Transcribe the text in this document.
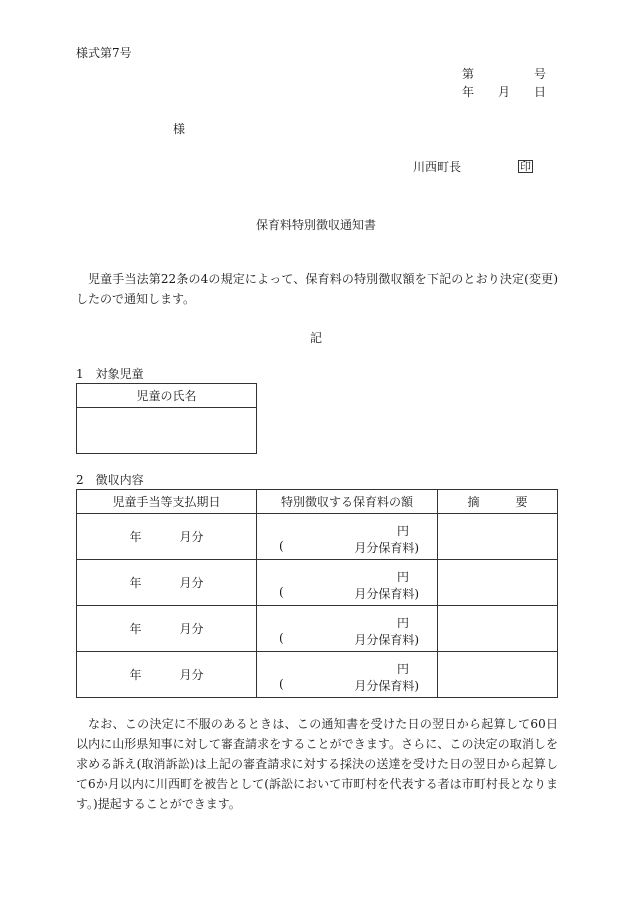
様式第7号
第	号
年 月 日
様
川西町長	印
保育料特別徴収通知書

児童手当法第22条の4の規定によって、保育料の特別徴収額を下記のとおり決定(変更)したので通知します。

記
1　対象児童
児童の氏名

2　徴収内容
児童手当等支払期日	特別徴収する保育料の額	摘　　　要
年 月分	円
( 月分保育料)	

年 月分	円
( 月分保育料)	

年 月分	円
( 月分保育料)	

年 月分	円
( 月分保育料)	

なお、この決定に不服のあるときは、この通知書を受けた日の翌日から起算して60日以内に山形県知事に対して審査請求をすることができます。さらに、この決定の取消しを求める訴え(取消訴訟)は上記の審査請求に対する採決の送達を受けた日の翌日から起算して6か月以内に川西町を被告として(訴訟において市町村を代表する者は市町村長となります。)提起することができます。
